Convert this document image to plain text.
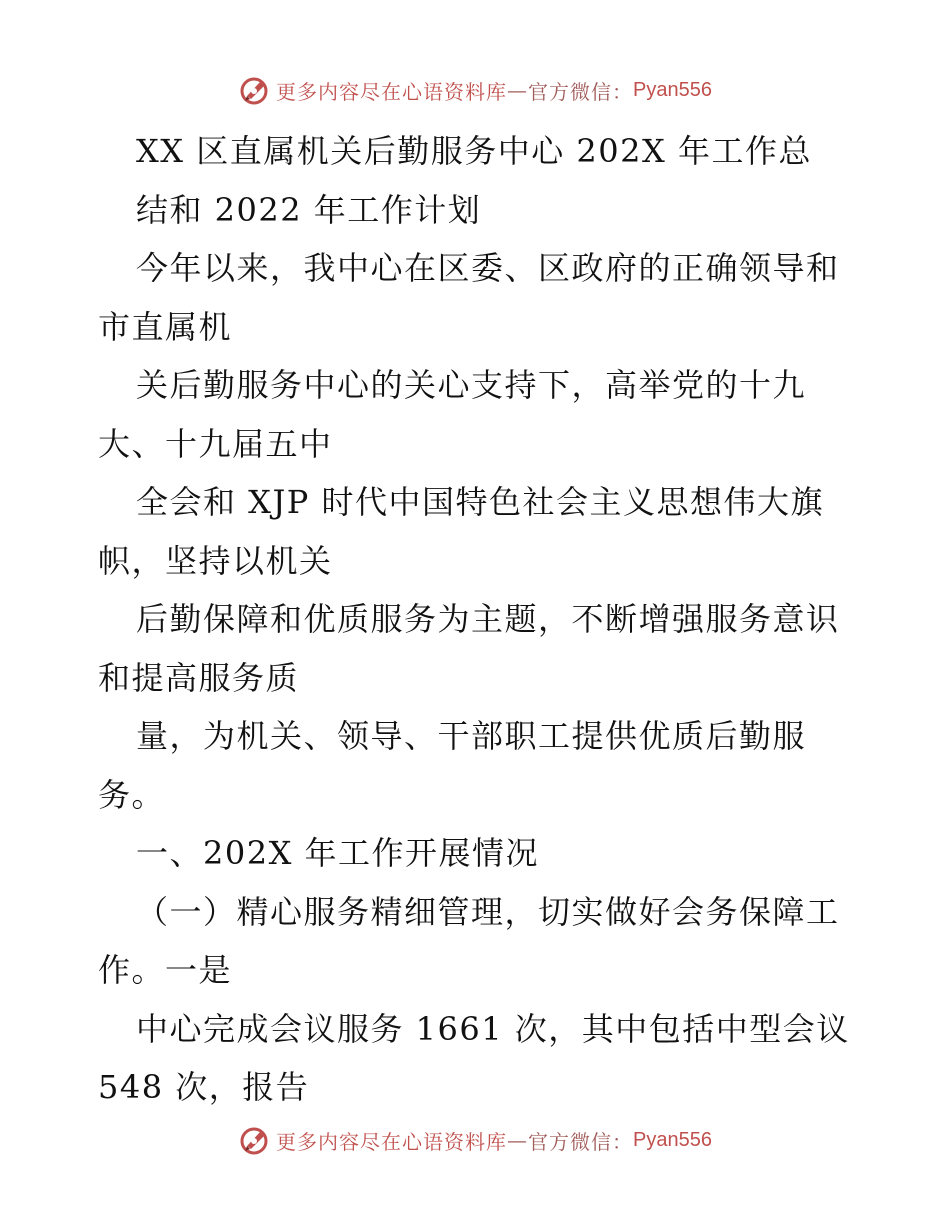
更多内容尽在心语资料库 — 官方微信： Pyan556
XX 区直属机关后勤服务中心 202X 年工作总
结和 2022 年工作计划
今年以来，我中心在区委、区政府的正确领导和
市直属机
关后勤服务中心的关心支持下，高举党的十九
大、十九届五中
全会和 XJP 时代中国特色社会主义思想伟大旗
帜，坚持以机关
后勤保障和优质服务为主题，不断增强服务意识
和提高服务质
量，为机关、领导、干部职工提供优质后勤服
务。
一、202X 年工作开展情况
（一）精心服务精细管理，切实做好会务保障工
作。一是
中心完成会议服务 1661 次，其中包括中型会议
548 次，报告
更多内容尽在心语资料库 — 官方微信： Pyan556
